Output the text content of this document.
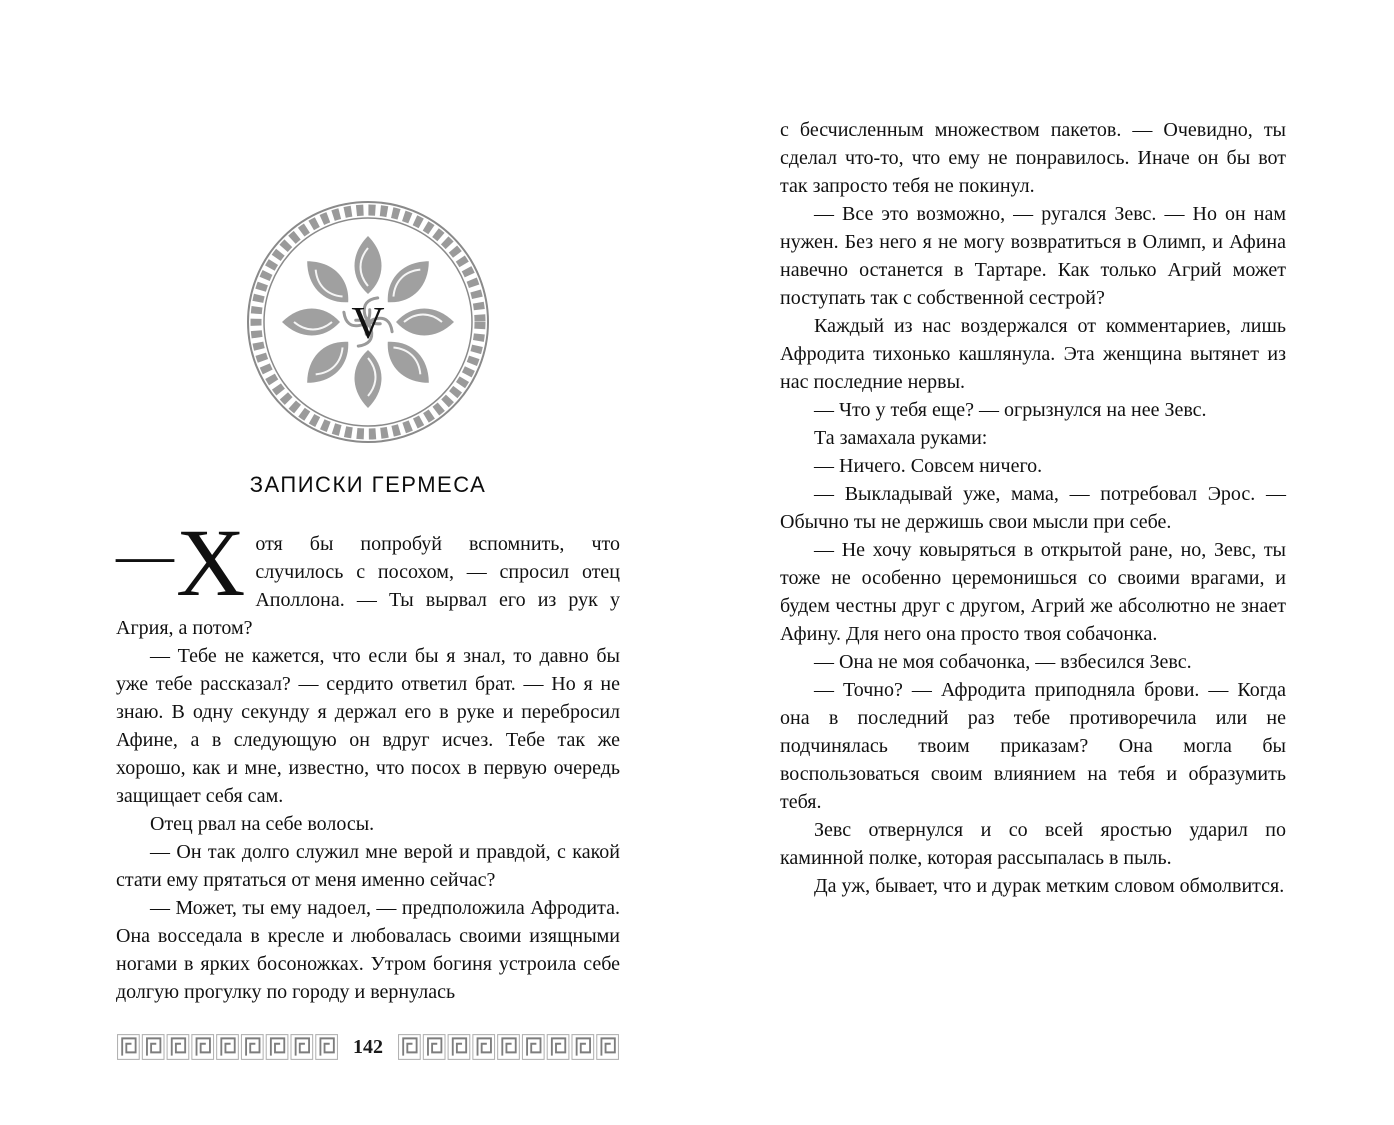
V
ЗАПИСКИ ГЕРМЕСА

— Х отя бы попробуй вспомнить, что случилось с посохом, — спросил отец Аполлона. — Ты вырвал его из рук у Агрия, а потом?

— Тебе не кажется, что если бы я знал, то давно бы уже тебе рассказал? — сердито ответил брат. — Но я не знаю. В одну секунду я держал его в руке и перебросил Афине, а в следующую он вдруг исчез. Тебе так же хорошо, как и мне, известно, что посох в первую очередь защищает себя сам.

Отец рвал на себе волосы.

— Он так долго служил мне верой и правдой, с какой стати ему прятаться от меня именно сейчас?

— Может, ты ему надоел, — предположила Афродита. Она восседала в кресле и любовалась своими изящными ногами в ярких босоножках. Утром богиня устроила себе долгую прогулку по городу и вернулась

с бесчисленным множеством пакетов. — Очевидно, ты сделал что-то, что ему не понравилось. Иначе он бы вот так запросто тебя не покинул.

— Все это возможно, — ругался Зевс. — Но он нам нужен. Без него я не могу возвратиться в Олимп, и Афина навечно останется в Тартаре. Как только Агрий может поступать так с собственной сестрой?

Каждый из нас воздержался от комментариев, лишь Афродита тихонько кашлянула. Эта женщина вытянет из нас последние нервы.

— Что у тебя еще? — огрызнулся на нее Зевс.

Та замахала руками:

— Ничего. Совсем ничего.

— Выкладывай уже, мама, — потребовал Эрос. — Обычно ты не держишь свои мысли при себе.

— Не хочу ковыряться в открытой ране, но, Зевс, ты тоже не особенно церемонишься со своими врагами, и будем честны друг с другом, Агрий же абсолютно не знает Афину. Для него она просто твоя собачонка.

— Она не моя собачонка, — взбесился Зевс.

— Точно? — Афродита приподняла брови. — Когда она в последний раз тебе противоречила или не подчинялась твоим приказам? Она могла бы воспользоваться своим влиянием на тебя и образумить тебя.

Зевс отвернулся и со всей яростью ударил по каминной полке, которая рассыпалась в пыль.

Да уж, бывает, что и дурак метким словом обмолвится.

142
